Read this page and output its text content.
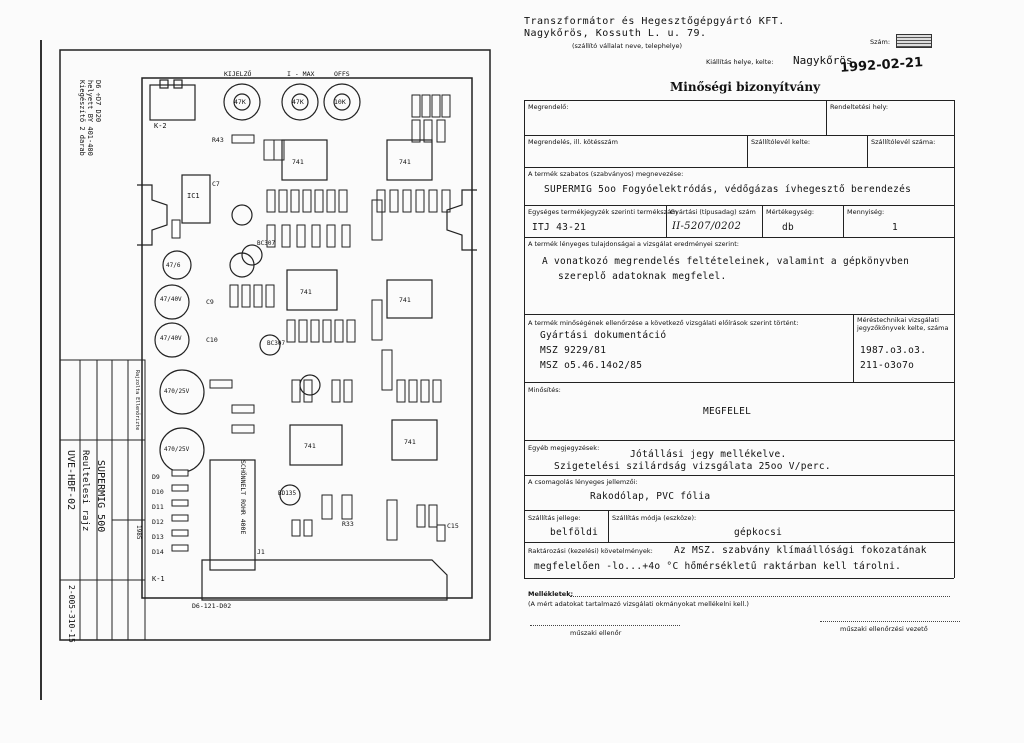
D6 ÷D7 D20
helyett BY 401-400
Kiegészítő 2 darab
KIJELZŐ	I - MAX	OFFS
47K	47K	10K
K-2
K-1
IC1
R43
BC307
BC307
BD135
R33	C15
J1
D6-121-D02
47/40V
47/40V
470/25V
470/25V
C9
C10
C7
47/6
741	741
741
741
741	741
D9
D10
D11
D12
D13
D14
SCHÖNNELT ROHR 400E
SUPERMIG 500
Reultelesi rajz
UVE-HBF-02
2-005-310-15
1985
Rajzolta Ellenőrizte
Transzformátor és Hegesztőgépgyártó KFT.
Nagykőrös, Kossuth L. u. 79.
(szállító vállalat neve, telephelye)	Szám:
Kiállítás helye, kelte: Nagykőrös
1992-02-21
Minőségi bizonyítvány
Megrendelő:	Rendeltetési hely:
Megrendelés, ill. kötésszám	Szállítólevél kelte:	Szállítólevél száma:
A termék szabatos (szabványos) megnevezése:
SUPERMIG 5oo Fogyóelektródás, védőgázas ívhegesztő berendezés
Egységes termékjegyzék szerinti termékszám
ITJ 43-21
Gyártási (típusadag) szám
II-5207/0202
Mértékegység:
db
Mennyiség:
1
A termék lényeges tulajdonságai a vizsgálat eredményei szerint:
A vonatkozó megrendelés feltételeinek, valamint a gépkönyvben
szereplő adatoknak megfelel.
A termék minőségének ellenőrzése a következő vizsgálati előírások szerint történt:	Méréstechnikai vizsgálati jegyzőkönyvek kelte, száma
Gyártási dokumentáció
MSZ 9229/81
MSZ o5.46.14o2/85
1987.o3.o3.
211-o3o7o
Minősítés:
MEGFELEL
Egyéb megjegyzések:
Jótállási jegy mellékelve.
Szigetelési szilárdság vizsgálata 25oo V/perc.
A csomagolás lényeges jellemzői:
Rakodólap, PVC fólia
Szállítás jellege:
belföldi
Szállítás módja (eszköze):
gépkocsi
Raktározási (kezelési) követelmények: Az MSZ. szabvány klímaállósági fokozatának
megfelelően -lo...+4o °C hőmérsékletű raktárban kell tárolni.
Mellékletek:
(A mért adatokat tartalmazó vizsgálati okmányokat mellékelni kell.)
műszaki ellenőr	műszaki ellenőrzési vezető
